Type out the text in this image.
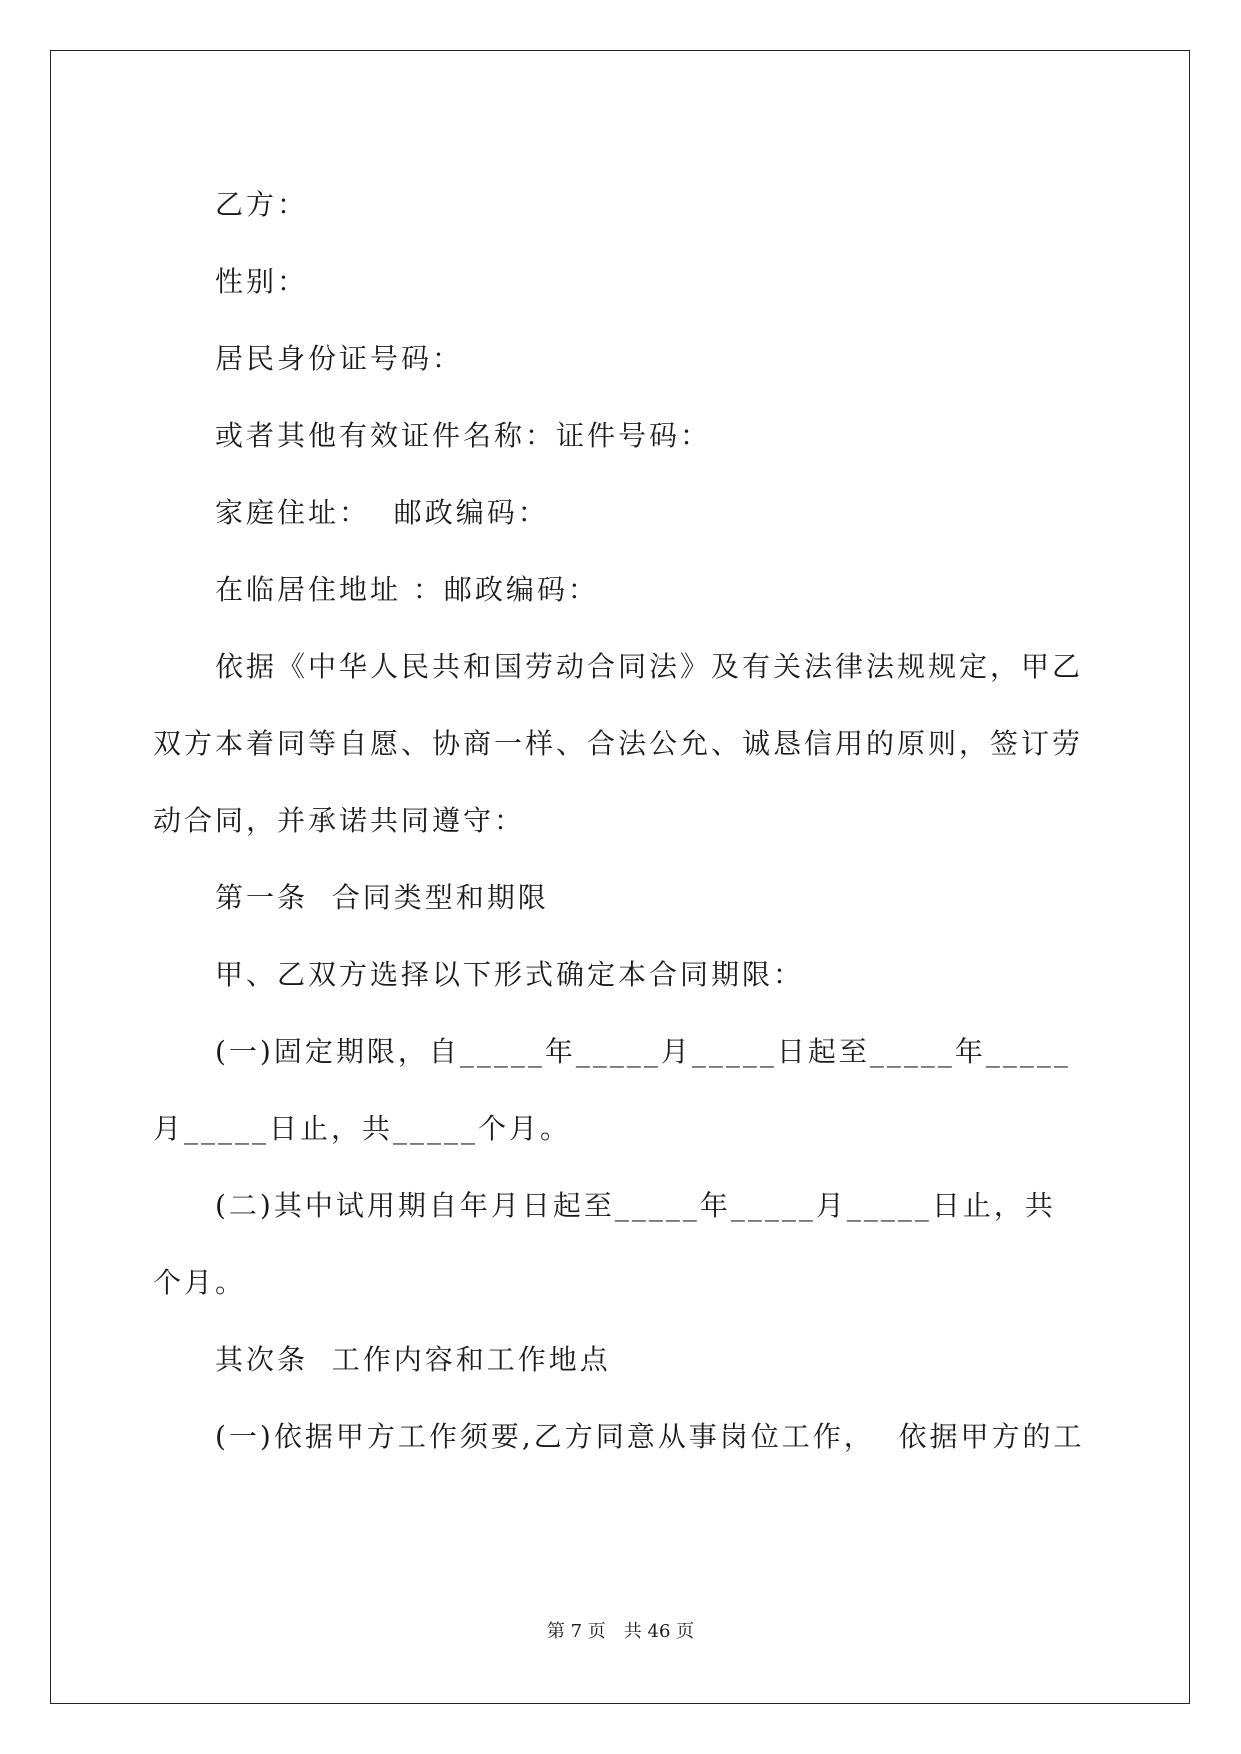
乙方：

性别：

居民身份证号码：

或者其他有效证件名称：证件号码：

家庭住址：  邮政编码：

在临居住地址 ：邮政编码：

依据《中华人民共和国劳动合同法》及有关法律法规规定，甲乙双方本着同等自愿、协商一样、合法公允、诚恳信用的原则，签订劳动合同，并承诺共同遵守：

第一条  合同类型和期限

甲、乙双方选择以下形式确定本合同期限：

(一)固定期限，自_____年_____月_____日起至_____年_____月_____日止，共_____个月。

(二)其中试用期自年月日起至_____年_____月_____日止，共 个月。

其次条  工作内容和工作地点

(一)依据甲方工作须要,乙方同意从事岗位工作，  依据甲方的工

第 7 页 共 46 页
